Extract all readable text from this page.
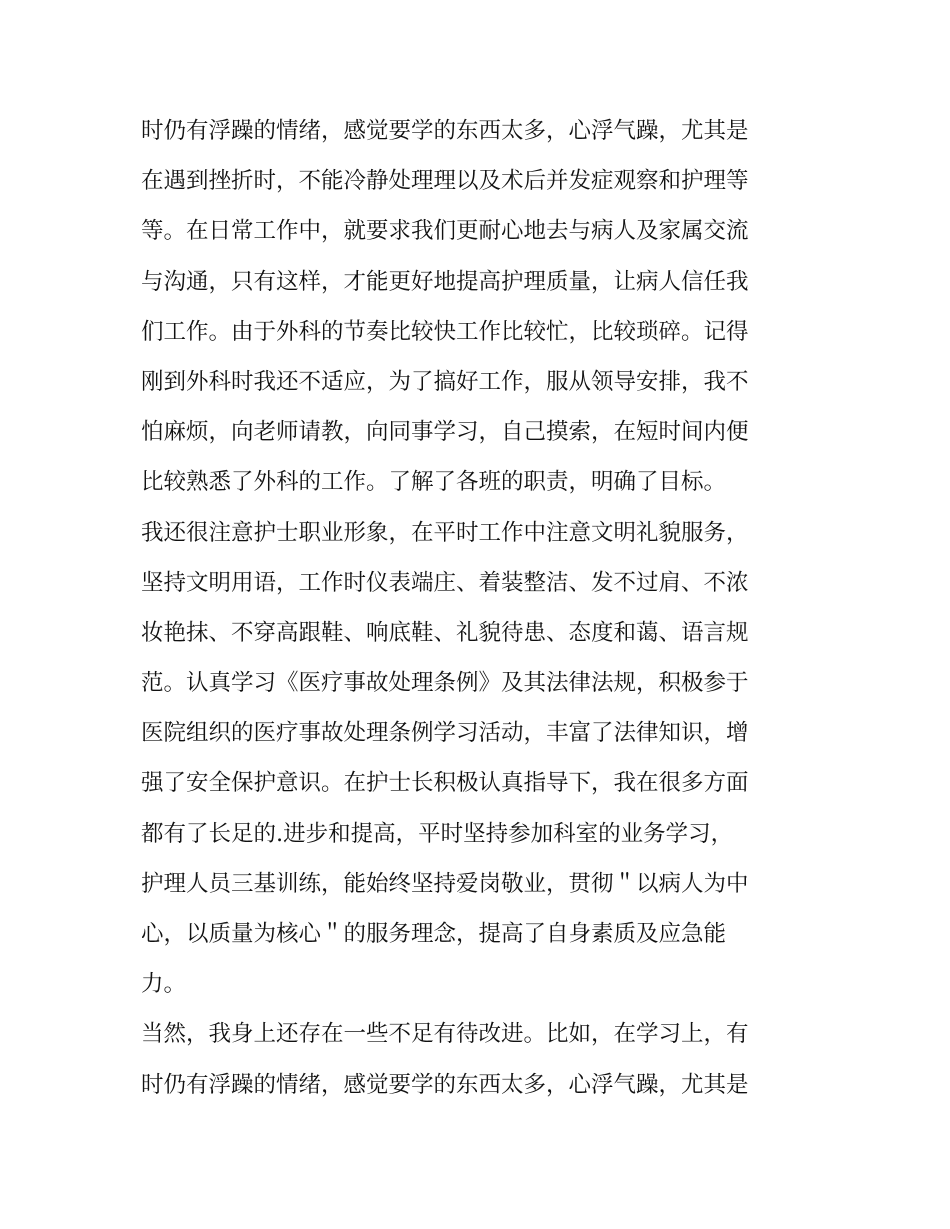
时仍有浮躁的情绪，感觉要学的东西太多，心浮气躁，尤其是
在遇到挫折时，不能冷静处理理以及术后并发症观察和护理等
等。在日常工作中，就要求我们更耐心地去与病人及家属交流
与沟通，只有这样，才能更好地提高护理质量，让病人信任我
们工作。由于外科的节奏比较快工作比较忙，比较琐碎。记得
刚到外科时我还不适应，为了搞好工作，服从领导安排，我不
怕麻烦，向老师请教，向同事学习，自己摸索，在短时间内便
比较熟悉了外科的工作。了解了各班的职责，明确了目标。
我还很注意护士职业形象，在平时工作中注意文明礼貌服务，
坚持文明用语，工作时仪表端庄、着装整洁、发不过肩、不浓
妆艳抹、不穿高跟鞋、响底鞋、礼貌待患、态度和蔼、语言规
范。认真学习《医疗事故处理条例》及其法律法规，积极参于
医院组织的医疗事故处理条例学习活动，丰富了法律知识，增
强了安全保护意识。在护士长积极认真指导下，我在很多方面
都有了长足的.进步和提高，平时坚持参加科室的业务学习，
护理人员三基训练，能始终坚持爱岗敬业，贯彻＂以病人为中
心，以质量为核心＂的服务理念，提高了自身素质及应急能
力。
当然，我身上还存在一些不足有待改进。比如，在学习上，有
时仍有浮躁的情绪，感觉要学的东西太多，心浮气躁，尤其是
